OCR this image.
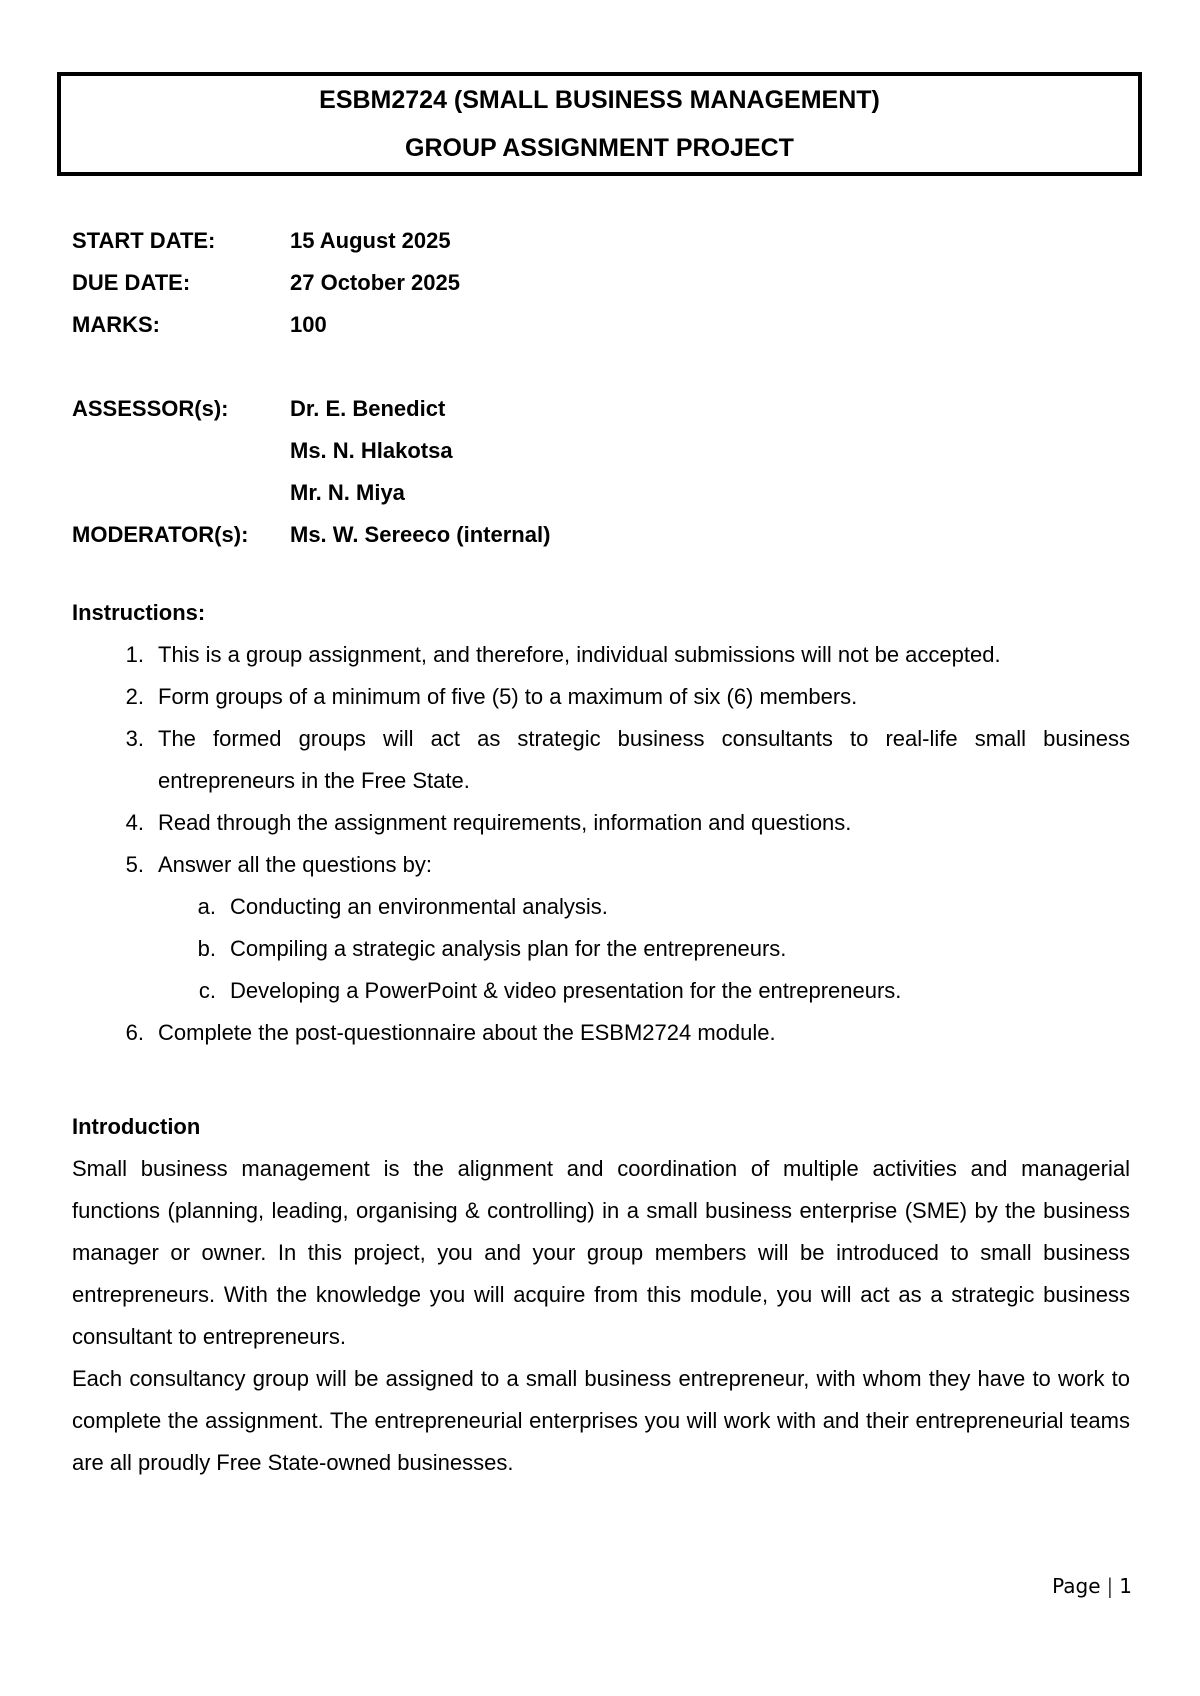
ESBM2724 (SMALL BUSINESS MANAGEMENT)
GROUP ASSIGNMENT PROJECT
START DATE:	15 August 2025
DUE DATE:	27 October 2025
MARKS:	100
ASSESSOR(s):	Dr. E. Benedict
Ms. N. Hlakotsa
Mr. N. Miya
MODERATOR(s):	Ms. W. Sereeco (internal)
Instructions:
1. This is a group assignment, and therefore, individual submissions will not be accepted.
2. Form groups of a minimum of five (5) to a maximum of six (6) members.
3. The formed groups will act as strategic business consultants to real-life small business entrepreneurs in the Free State.
4. Read through the assignment requirements, information and questions.
5. Answer all the questions by:
a. Conducting an environmental analysis.
b. Compiling a strategic analysis plan for the entrepreneurs.
c. Developing a PowerPoint & video presentation for the entrepreneurs.
6. Complete the post-questionnaire about the ESBM2724 module.
Introduction

Small business management is the alignment and coordination of multiple activities and managerial functions (planning, leading, organising & controlling) in a small business enterprise (SME) by the business manager or owner. In this project, you and your group members will be introduced to small business entrepreneurs. With the knowledge you will acquire from this module, you will act as a strategic business consultant to entrepreneurs.

Each consultancy group will be assigned to a small business entrepreneur, with whom they have to work to complete the assignment. The entrepreneurial enterprises you will work with and their entrepreneurial teams are all proudly Free State-owned businesses.

Page | 1
